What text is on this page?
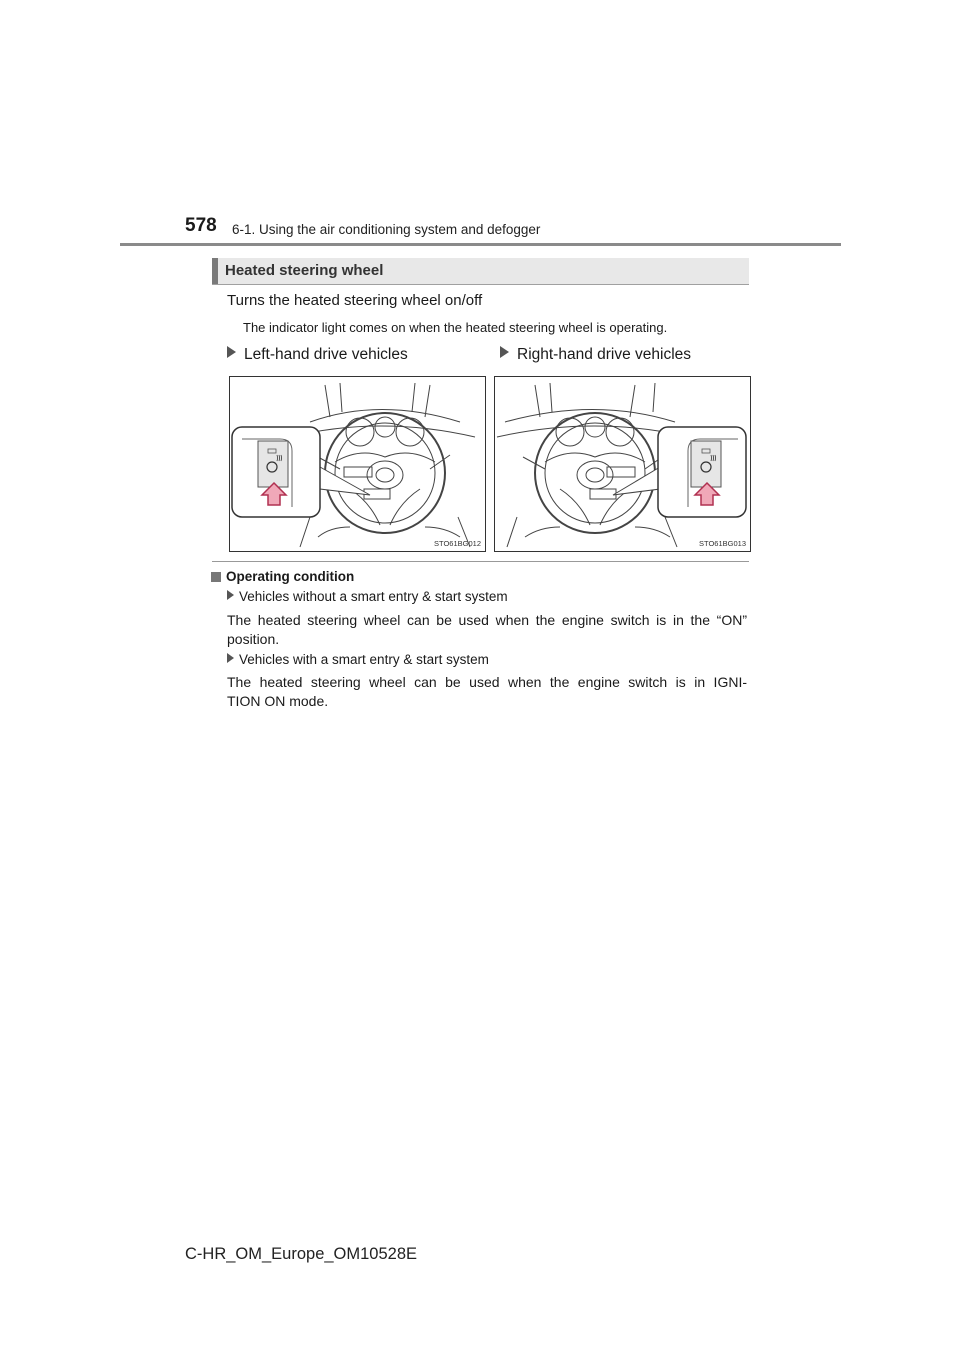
578 6-1. Using the air conditioning system and defogger
Heated steering wheel
Turns the heated steering wheel on/off
The indicator light comes on when the heated steering wheel is operating.
Left-hand drive vehicles	Right-hand drive vehicles
STO61BG012	STO61BG013
Operating condition
Vehicles without a smart entry & start system
The heated steering wheel can be used when the engine switch is in the “ON”
position.
Vehicles with a smart entry & start system
The heated steering wheel can be used when the engine switch is in IGNI-
TION ON mode.
C-HR_OM_Europe_OM10528E
